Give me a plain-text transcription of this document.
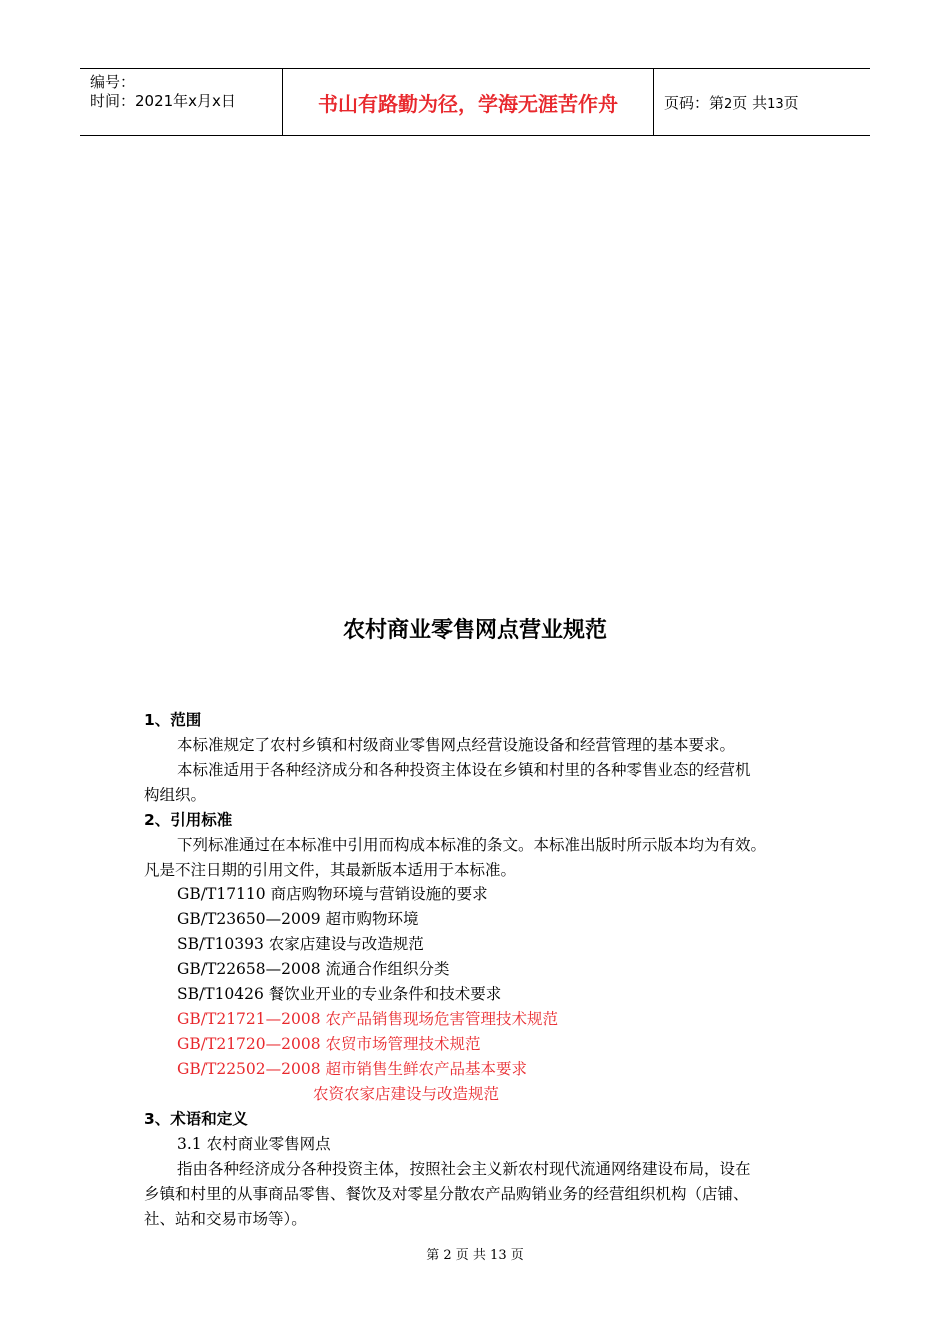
编号：
时间：2021年x月x日	书山有路勤为径，学海无涯苦作舟	页码：第2页 共13页
农村商业零售网点营业规范
1、范围
本标准规定了农村乡镇和村级商业零售网点经营设施设备和经营管理的基本要求。
本标准适用于各种经济成分和各种投资主体设在乡镇和村里的各种零售业态的经营机
构组织。
2、引用标准
下列标准通过在本标准中引用而构成本标准的条文。本标准出版时所示版本均为有效。
凡是不注日期的引用文件，其最新版本适用于本标准。
GB/T17110 商店购物环境与营销设施的要求
GB/T23650—2009 超市购物环境
SB/T10393 农家店建设与改造规范
GB/T22658—2008 流通合作组织分类
SB/T10426 餐饮业开业的专业条件和技术要求
GB/T21721—2008 农产品销售现场危害管理技术规范
GB/T21720—2008 农贸市场管理技术规范
GB/T22502—2008 超市销售生鲜农产品基本要求
农资农家店建设与改造规范
3、术语和定义
3.1 农村商业零售网点
指由各种经济成分各种投资主体，按照社会主义新农村现代流通网络建设布局，设在
乡镇和村里的从事商品零售、餐饮及对零星分散农产品购销业务的经营组织机构（店铺、
社、站和交易市场等）。
第 2 页 共 13 页
